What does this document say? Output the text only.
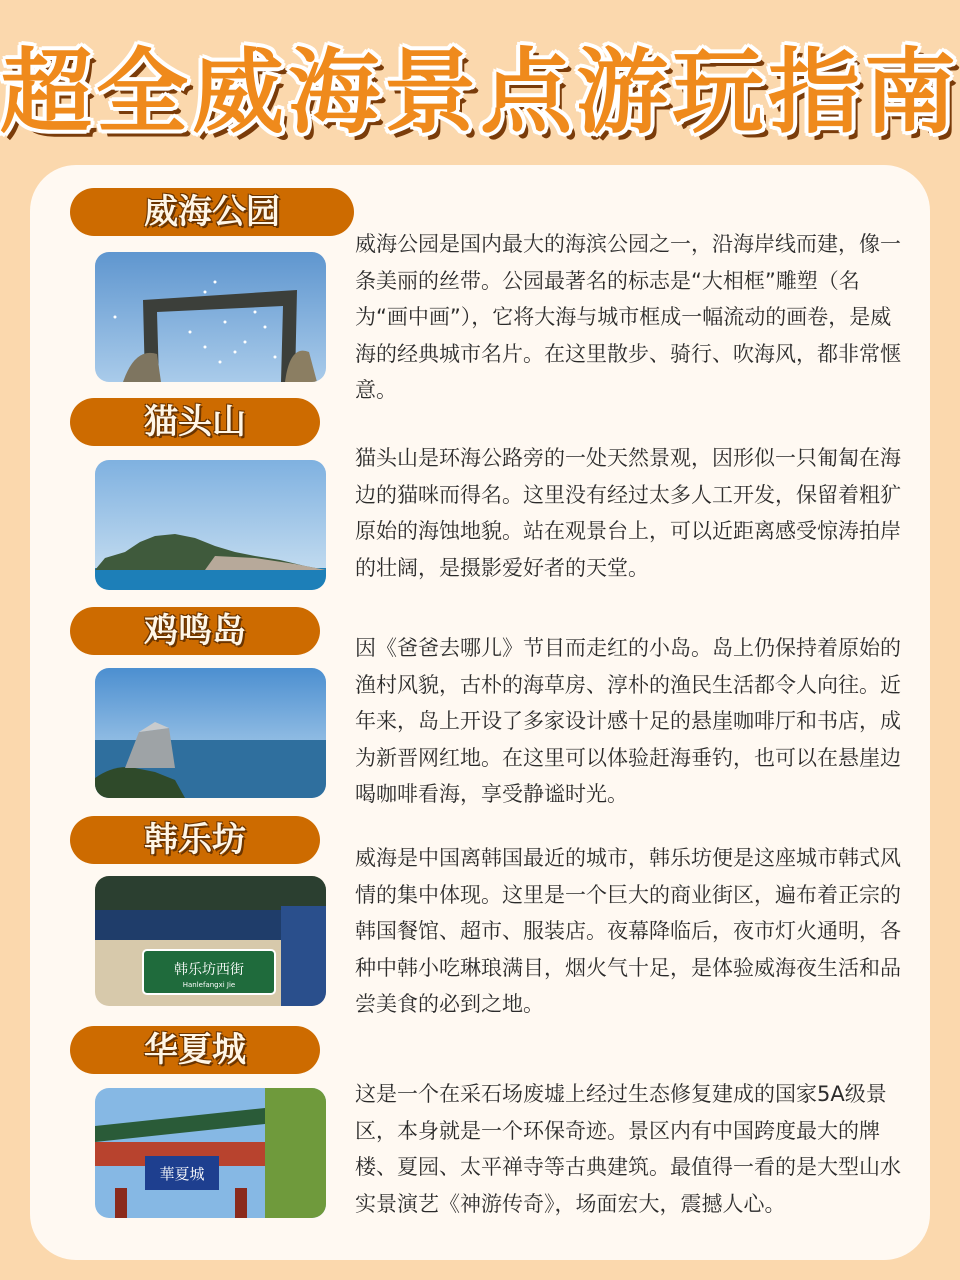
超全威海景点游玩指南
威海公园

威海公园是国内最大的海滨公园之一，沿海岸线而建，像一条美丽的丝带。公园最著名的标志是“大相框”雕塑（名为“画中画”），它将大海与城市框成一幅流动的画卷，是威海的经典城市名片。在这里散步、骑行、吹海风，都非常惬意。

猫头山

猫头山是环海公路旁的一处天然景观，因形似一只匍匐在海边的猫咪而得名。这里没有经过太多人工开发，保留着粗犷原始的海蚀地貌。站在观景台上，可以近距离感受惊涛拍岸的壮阔，是摄影爱好者的天堂。

鸡鸣岛	因《爸爸去哪儿》节目而走红的小岛。岛上仍保持着原始的渔村风貌，古朴的海草房、淳朴的渔民生活都令人向往。近年来，岛上开设了多家设计感十足的悬崖咖啡厅和书店，成为新晋网红地。在这里可以体验赶海垂钓，也可以在悬崖边喝咖啡看海，享受静谧时光。

韩乐坊
韩乐坊西街
Hanlefangxi Jie

威海是中国离韩国最近的城市，韩乐坊便是这座城市韩式风情的集中体现。这里是一个巨大的商业街区，遍布着正宗的韩国餐馆、超市、服装店。夜幕降临后，夜市灯火通明，各种中韩小吃琳琅满目，烟火气十足，是体验威海夜生活和品尝美食的必到之地。

华夏城
華夏城

这是一个在采石场废墟上经过生态修复建成的国家5A级景区，本身就是一个环保奇迹。景区内有中国跨度最大的牌楼、夏园、太平禅寺等古典建筑。最值得一看的是大型山水实景演艺《神游传奇》，场面宏大，震撼人心。
